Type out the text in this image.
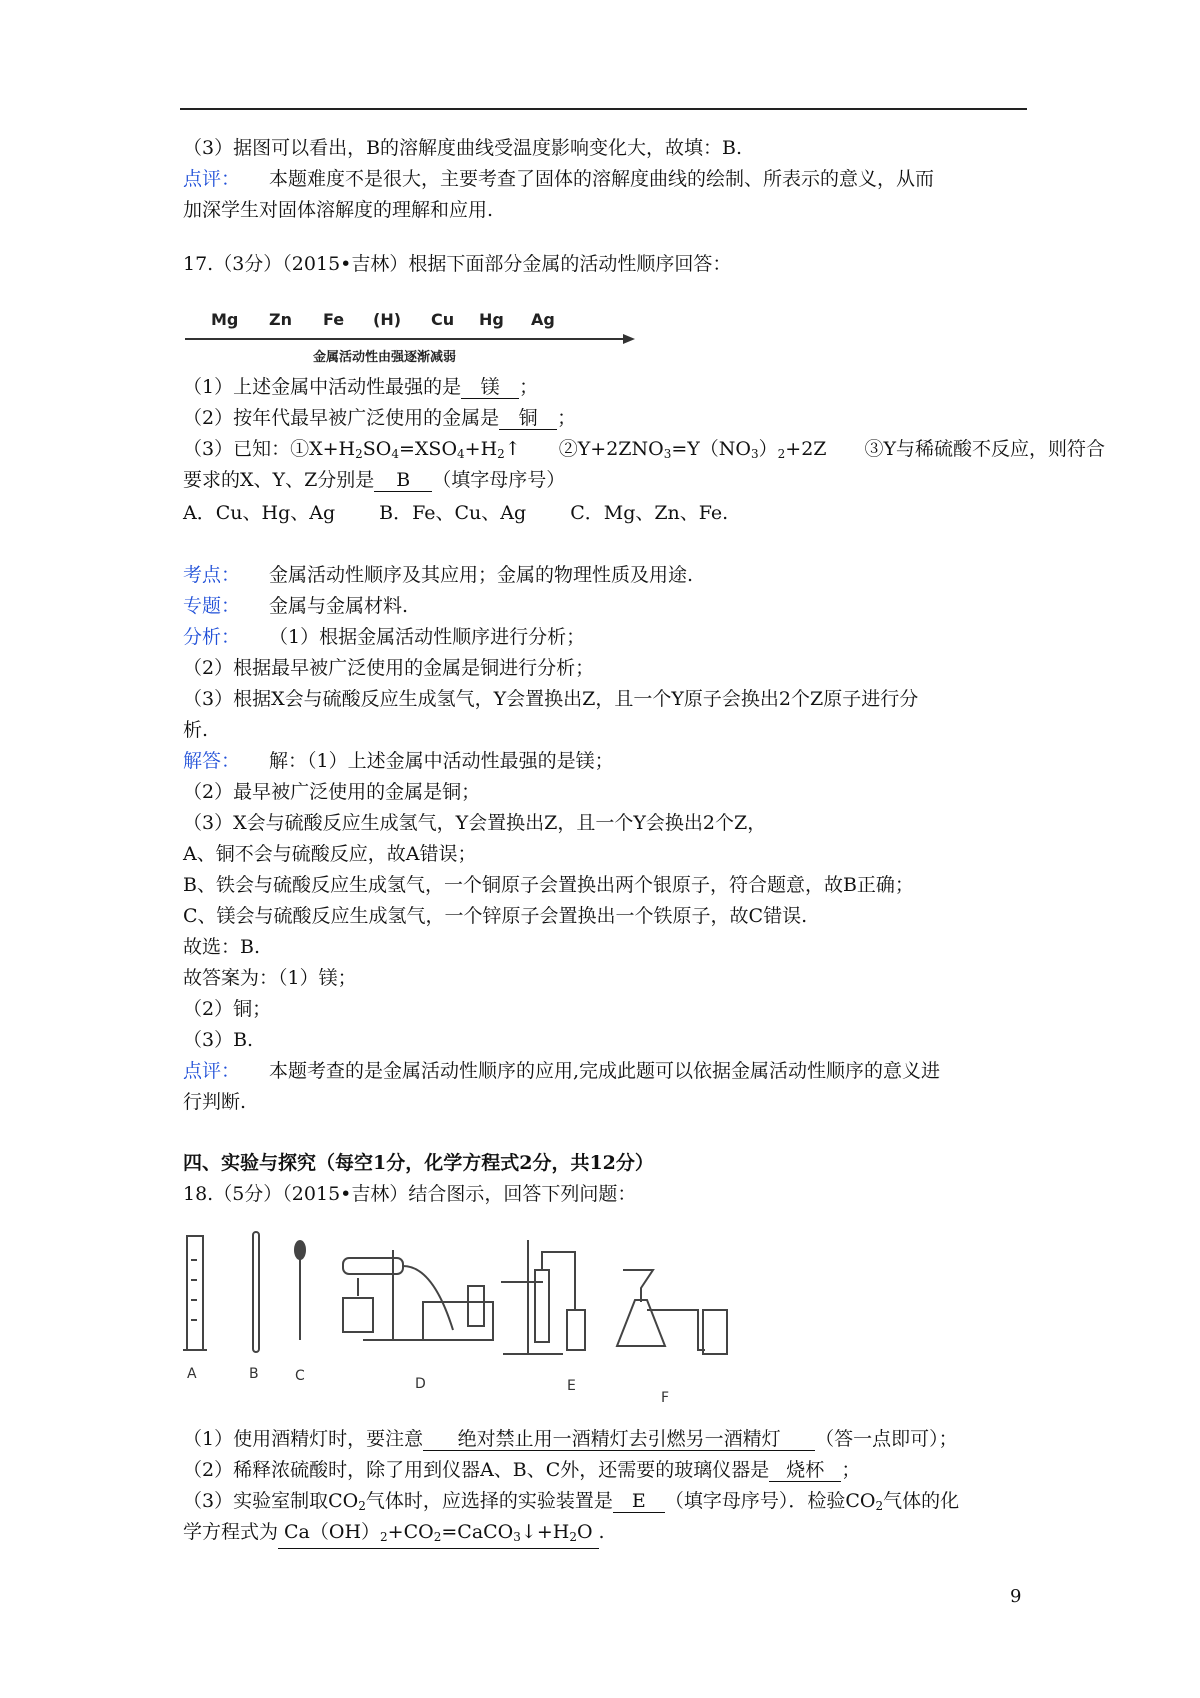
（3）据图可以看出，B的溶解度曲线受温度影响变化大，故填：B.
点评： 本题难度不是很大，主要考查了固体的溶解度曲线的绘制、所表示的意义，从而
加深学生对固体溶解度的理解和应用.
17.（3分）（2015•吉林）根据下面部分金属的活动性顺序回答：
Mg Zn Fe (H) Cu Hg Ag
金属活动性由强逐渐减弱
（1）上述金属中活动性最强的是 镁 ；
（2）按年代最早被广泛使用的金属是 铜 ；
（3）已知：$①X+H_2SO_4=XSO_4+H_2↑$　　$②Y+2ZNO_3=Y(NO_3)_2+2Z$　　③Y与稀硫酸不反应，则符合
要求的X、Y、Z分别是 B （填字母序号）
A．Cu、Hg、Ag　　 B．Fe、Cu、Ag　　 C．Mg、Zn、Fe.
考点： 金属活动性顺序及其应用；金属的物理性质及用途.
专题： 金属与金属材料.
分析： （1）根据金属活动性顺序进行分析；
（2）根据最早被广泛使用的金属是铜进行分析；
（3）根据X会与硫酸反应生成氢气，Y会置换出Z，且一个Y原子会换出2个Z原子进行分
析.
解答： 解：（1）上述金属中活动性最强的是镁；
（2）最早被广泛使用的金属是铜；
（3）X会与硫酸反应生成氢气，Y会置换出Z，且一个Y会换出2个Z，
A、铜不会与硫酸反应，故A错误；
B、铁会与硫酸反应生成氢气，一个铜原子会置换出两个银原子，符合题意，故B正确；
C、镁会与硫酸反应生成氢气，一个锌原子会置换出一个铁原子，故C错误.
故选：B.
故答案为：（1）镁；
（2）铜；
（3）B.
点评： 本题考查的是金属活动性顺序的应用,完成此题可以依据金属活动性顺序的意义进
行判断.
四、实验与探究（每空1分，化学方程式2分，共12分）
18.（5分）（2015•吉林）结合图示，回答下列问题：
A	B	C	D	E
F
（1）使用酒精灯时，要注意 绝对禁止用一酒精灯去引燃另一酒精灯 （答一点即可）；
（2）稀释浓硫酸时，除了用到仪器A、B、C外，还需要的玻璃仪器是 烧杯 ；
（3）实验室制取$CO_2$气体时，应选择的实验装置是 E （填字母序号）．检验$CO_2$气体的化
学方程式为 $Ca(OH)_2+CO_2=CaCO_3↓+H_2O$ .
9
